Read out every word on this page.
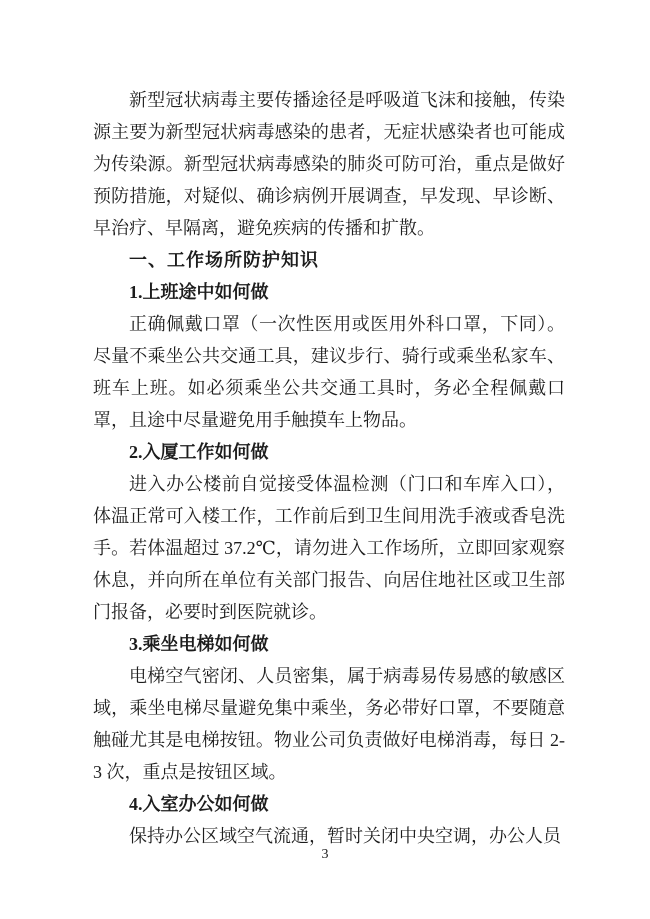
新型冠状病毒主要传播途径是呼吸道飞沫和接触，传染源主要为新型冠状病毒感染的患者，无症状感染者也可能成为传染源。新型冠状病毒感染的肺炎可防可治，重点是做好预防措施，对疑似、确诊病例开展调查，早发现、早诊断、早治疗、早隔离，避免疾病的传播和扩散。

一、工作场所防护知识

1.上班途中如何做

正确佩戴口罩（一次性医用或医用外科口罩，下同）。尽量不乘坐公共交通工具，建议步行、骑行或乘坐私家车、班车上班。如必须乘坐公共交通工具时，务必全程佩戴口罩，且途中尽量避免用手触摸车上物品。

2.入厦工作如何做

进入办公楼前自觉接受体温检测（门口和车库入口），体温正常可入楼工作，工作前后到卫生间用洗手液或香皂洗手。若体温超过 37.2℃，请勿进入工作场所，立即回家观察休息，并向所在单位有关部门报告、向居住地社区或卫生部门报备，必要时到医院就诊。

3.乘坐电梯如何做

电梯空气密闭、人员密集，属于病毒易传易感的敏感区域，乘坐电梯尽量避免集中乘坐，务必带好口罩，不要随意触碰尤其是电梯按钮。物业公司负责做好电梯消毒，每日 2-3 次，重点是按钮区域。

4.入室办公如何做

保持办公区域空气流通，暂时关闭中央空调，办公人员

3
